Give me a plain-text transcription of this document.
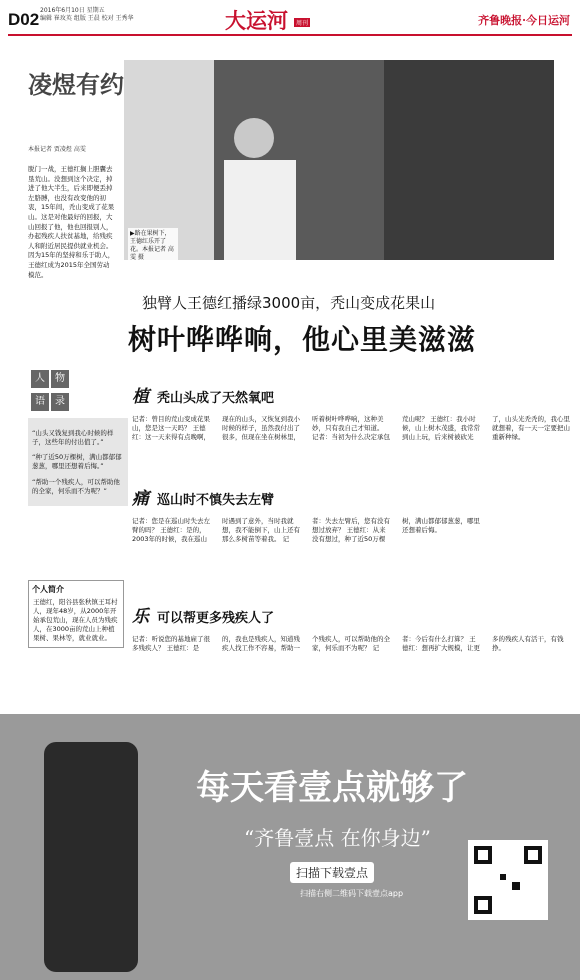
D02 2016年6月10日 星期五
编辑 崔玫英 组版 王晨 校对 王秀华	大运河	周刊	齐鲁晚报·今日运河
凌煜有约
本报记者 贾凌煜 高雯
脱门一战，王德红搁上胆囊去垦荒山。没想到这个决定，掉进了他大半生，后来即便丢掉左胳膊，也没有改变他的初衷，15年间，秃山变成了花果山。这是对他最好的回报，大山回报了他，他也回报别人，办起残疾人扶贫基地，给残疾人和附近居民提供就业机会。因为15年的坚持和乐于助人，王德红成为2015年全国劳动模范。
▶路在果树下，王德红乐开了花。本报记者 高雯 摄
独臂人王德红播绿3000亩，秃山变成花果山
树叶哗哗响，他心里美滋滋
人 物
语 录

“山头又钱复到我心时候的样子，这些年的付出值了。”

“种了近50万棵树，满山都郁郁葱葱，哪里还想着后悔。”

“帮助一个残疾人，可以帮助他的全家，何乐而不为呢？”

个人简介
王德红，阳谷县张秋镇王耳村人，现年48岁，从2000年开始承包荒山，现在人员为残疾人，在3000亩的荒山上种植果树、果林等，就业就业。
植 秃山头成了天然氧吧
记者：曾目的荒山变成花果山，您是这一天吗？ 王德红：这一天来得有点晚啊，现在的山头，又恢复到我小时候的样子，虽然我付出了很多，但现在坐在树林里，听着树叶哗哗响，这种美妙，只有我自己才知道。 记者：当初为什么决定承包荒山呢？ 王德红：我小时候，山上树木茂盛，我常常到山上玩，后来树被砍光了，山头光秃秃的，我心里就想着，有一天一定要把山重新种绿。
痛 巡山时不慎失去左臂
记者：您是在巡山时失去左臂的吗？ 王德红：是的，2003年的时候，我在巡山时遇到了意外，当时我就想，我不能倒下，山上还有那么多树苗等着我。 记者：失去左臂后，您有没有想过放弃？ 王德红：从来没有想过，种了近50万棵树，满山都郁郁葱葱，哪里还想着后悔。
乐 可以帮更多残疾人了
记者：听说您的基地雇了很多残疾人？ 王德红：是的，我也是残疾人，知道残疾人找工作不容易，帮助一个残疾人，可以帮助他的全家，何乐而不为呢？ 记者：今后有什么打算？ 王德红：想再扩大规模，让更多的残疾人有活干，有钱挣。
每天看壹点就够了
“齐鲁壹点 在你身边”
扫描下载壹点
扫描右侧二维码下载壹点app
